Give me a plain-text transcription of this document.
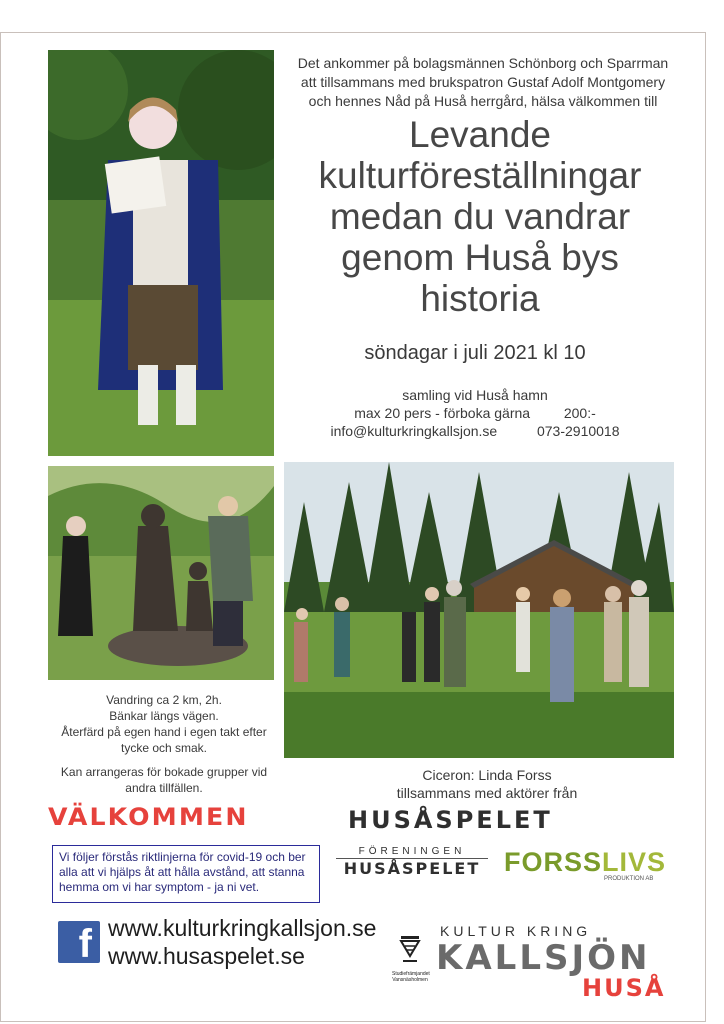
Det ankommer på bolagsmännen Schönborg och Sparrman
att tillsammans med brukspatron Gustaf Adolf Montgomery
och hennes Nåd på Huså herrgård, hälsa välkommen till
Levande
kulturföreställningar
medan du vandrar
genom Huså bys
historia
söndagar i juli 2021 kl 10
samling vid Huså hamn
max 20 pers - förboka gärna 200:-
info@kulturkringkallsjon.se	073-2910018
Vandring ca 2 km, 2h.
Bänkar längs vägen.
Återfärd på egen hand i egen takt efter
tycke och smak.
Kan arrangeras för bokade grupper vid
andra tillfällen.
Ciceron: Linda Forss
tillsammans med aktörer från
VÄLKOMMEN	HUSÅSPELET
Vi följer förstås riktlinjerna för covid-19 och ber
alla att vi hjälps åt att hålla avstånd, att stanna
hemma om vi har symptom - ja ni vet.
FÖRENINGEN
HUSÅSPELET FORSSLIVS
PRODUKTION AB
f www.kulturkringkallsjon.se
www.husaspelet.se
Studiefrämjandet Vansnäsholmen
KULTUR KRING
KALLSJÖN
HUSÅ
